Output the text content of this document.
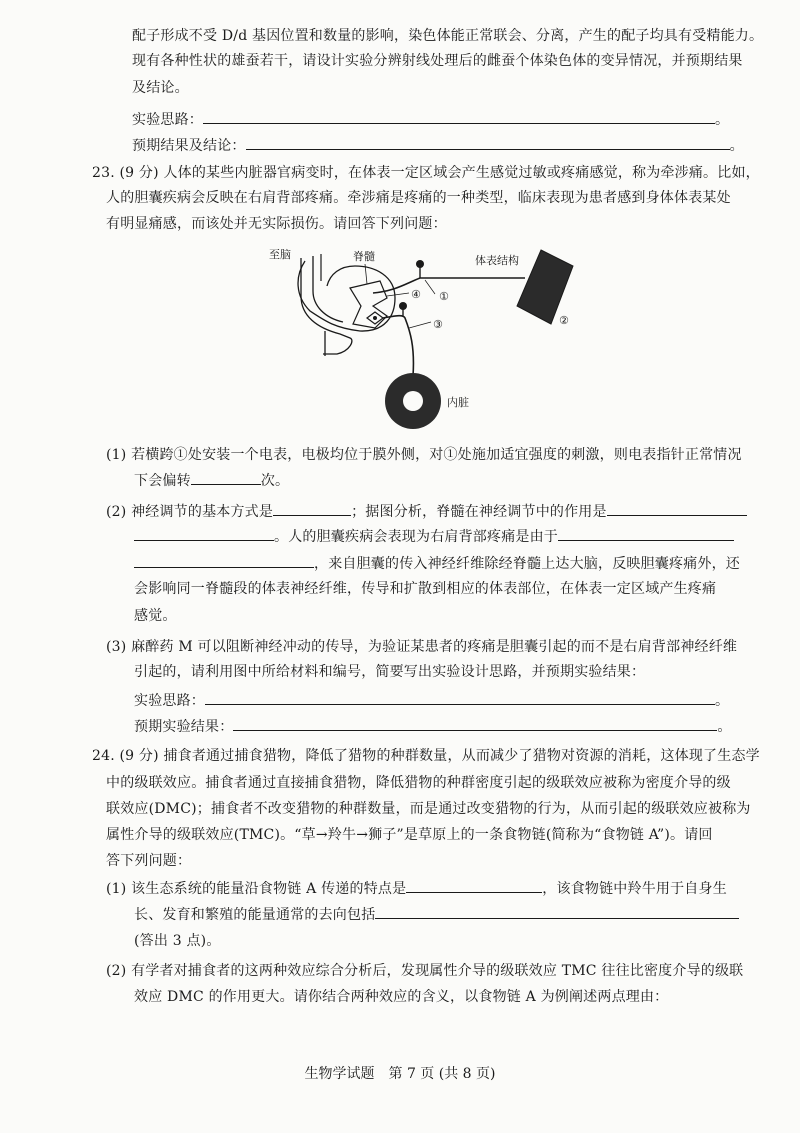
配子形成不受 D/d 基因位置和数量的影响，染色体能正常联会、分离，产生的配子均具有受精能力。
现有各种性状的雄蚕若干，请设计实验分辨射线处理后的雌蚕个体染色体的变异情况，并预期结果
及结论。
实验思路：	。
预期结果及结论：	。
23. (9 分) 人体的某些内脏器官病变时，在体表一定区域会产生感觉过敏或疼痛感觉，称为牵涉痛。比如，
人的胆囊疾病会反映在右肩背部疼痛。牵涉痛是疼痛的一种类型，临床表现为患者感到身体体表某处
有明显痛感，而该处并无实际损伤。请回答下列问题：
至脑	脊髓	体表结构
②
①
④
③
内脏
(1) 若横跨①处安装一个电表，电极均位于膜外侧，对①处施加适宜强度的刺激，则电表指针正常情况
下会偏转	次。
(2) 神经调节的基本方式是	；据图分析，脊髓在神经调节中的作用是
。人的胆囊疾病会表现为右肩背部疼痛是由于
，来自胆囊的传入神经纤维除经脊髓上达大脑，反映胆囊疼痛外，还
会影响同一脊髓段的体表神经纤维，传导和扩散到相应的体表部位，在体表一定区域产生疼痛
感觉。
(3) 麻醉药 M 可以阻断神经冲动的传导，为验证某患者的疼痛是胆囊引起的而不是右肩背部神经纤维
引起的，请利用图中所给材料和编号，简要写出实验设计思路，并预期实验结果：
实验思路：	。
预期实验结果：	。
24. (9 分) 捕食者通过捕食猎物，降低了猎物的种群数量，从而减少了猎物对资源的消耗，这体现了生态学
中的级联效应。捕食者通过直接捕食猎物，降低猎物的种群密度引起的级联效应被称为密度介导的级
联效应(DMC)；捕食者不改变猎物的种群数量，而是通过改变猎物的行为，从而引起的级联效应被称为
属性介导的级联效应(TMC)。“草→羚牛→狮子”是草原上的一条食物链(简称为“食物链 A”)。请回
答下列问题：
(1) 该生态系统的能量沿食物链 A 传递的特点是	，该食物链中羚牛用于自身生
长、发育和繁殖的能量通常的去向包括
(答出 3 点)。
(2) 有学者对捕食者的这两种效应综合分析后，发现属性介导的级联效应 TMC 往往比密度介导的级联
效应 DMC 的作用更大。请你结合两种效应的含义，以食物链 A 为例阐述两点理由：
生物学试题　第 7 页 (共 8 页)
